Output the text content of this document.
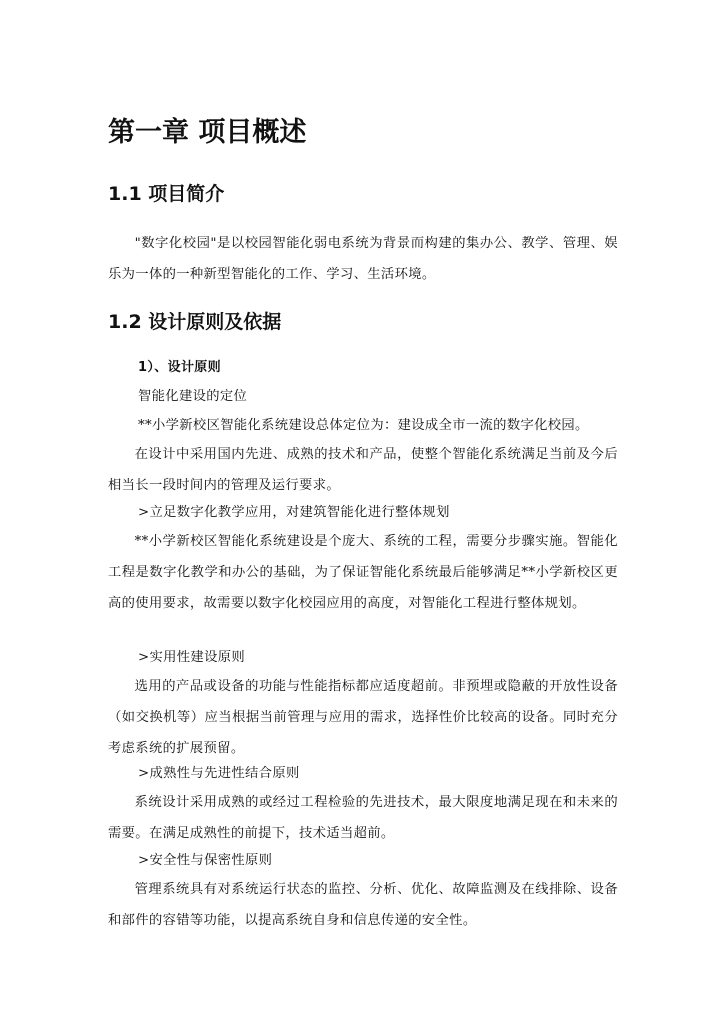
第一章 项目概述
1.1 项目简介

"数字化校园"是以校园智能化弱电系统为背景而构建的集办公、教学、管理、娱乐为一体的一种新型智能化的工作、学习、生活环境。

1.2 设计原则及依据

1）、设计原则

智能化建设的定位

**小学新校区智能化系统建设总体定位为：建设成全市一流的数字化校园。

在设计中采用国内先进、成熟的技术和产品，使整个智能化系统满足当前及今后相当长一段时间内的管理及运行要求。

>立足数字化教学应用，对建筑智能化进行整体规划

**小学新校区智能化系统建设是个庞大、系统的工程，需要分步骤实施。智能化工程是数字化教学和办公的基础，为了保证智能化系统最后能够满足**小学新校区更高的使用要求，故需要以数字化校园应用的高度，对智能化工程进行整体规划。

>实用性建设原则

选用的产品或设备的功能与性能指标都应适度超前。非预埋或隐蔽的开放性设备（如交换机等）应当根据当前管理与应用的需求，选择性价比较高的设备。同时充分考虑系统的扩展预留。

>成熟性与先进性结合原则

系统设计采用成熟的或经过工程检验的先进技术，最大限度地满足现在和未来的需要。在满足成熟性的前提下，技术适当超前。

>安全性与保密性原则

管理系统具有对系统运行状态的监控、分析、优化、故障监测及在线排除、设备和部件的容错等功能，以提高系统自身和信息传递的安全性。
